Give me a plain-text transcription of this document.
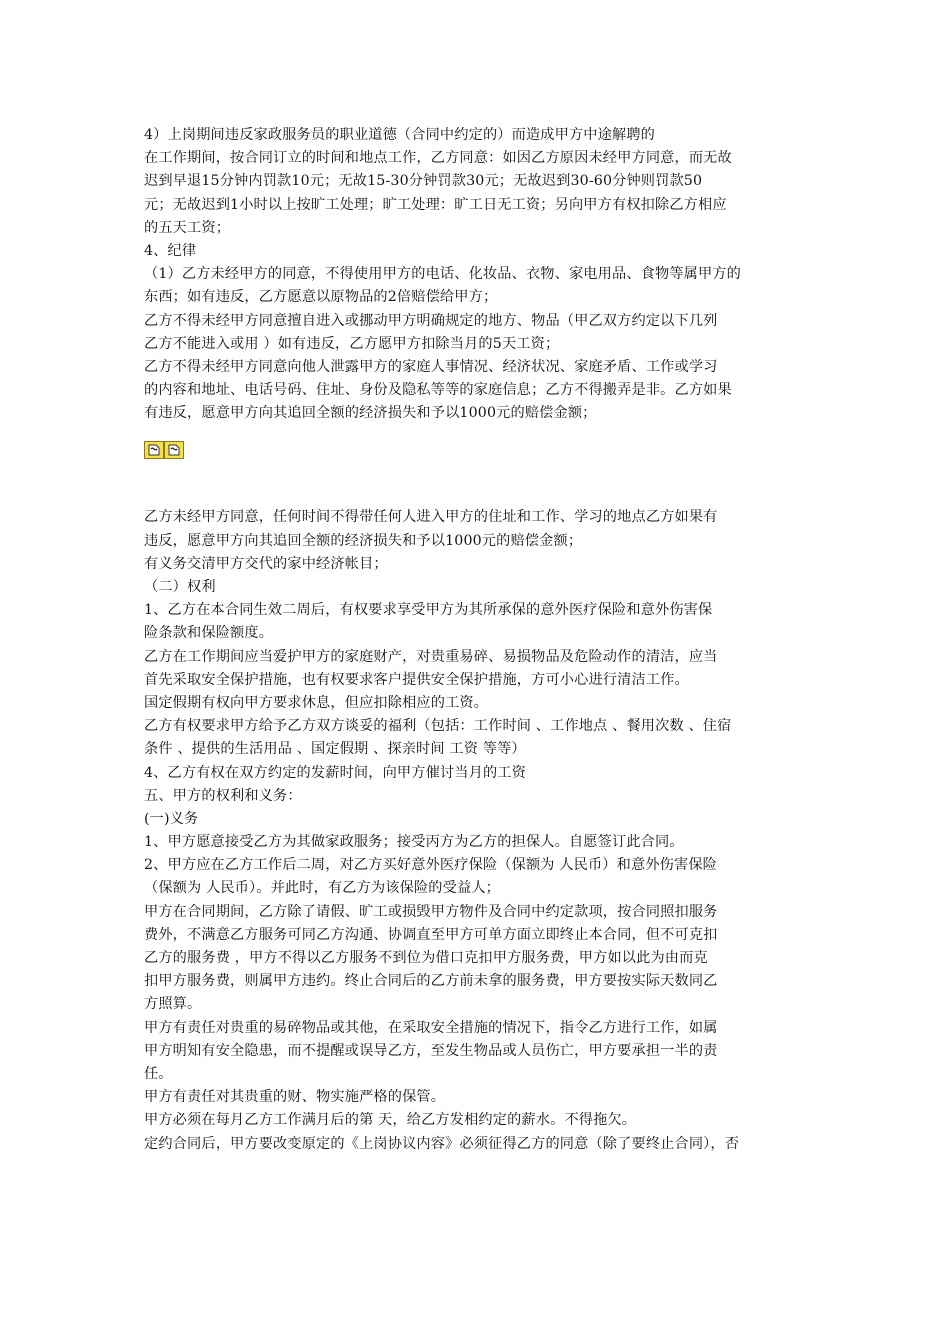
4）上岗期间违反家政服务员的职业道德（合同中约定的）而造成甲方中途解聘的

在工作期间，按合同订立的时间和地点工作，乙方同意：如因乙方原因未经甲方同意，而无故

迟到早退15分钟内罚款10元；无故15-30分钟罚款30元；无故迟到30-60分钟则罚款50

元；无故迟到1小时以上按旷工处理；旷工处理：旷工日无工资；另向甲方有权扣除乙方相应

的五天工资；

4、纪律

（1）乙方未经甲方的同意，不得使用甲方的电话、化妆品、衣物、家电用品、食物等属甲方的

东西；如有违反，乙方愿意以原物品的2倍赔偿给甲方；

乙方不得未经甲方同意擅自进入或挪动甲方明确规定的地方、物品（甲乙双方约定以下几列

乙方不能进入或用 ）如有违反，乙方愿甲方扣除当月的5天工资；

乙方不得未经甲方同意向他人泄露甲方的家庭人事情况、经济状况、家庭矛盾、工作或学习

的内容和地址、电话号码、住址、身份及隐私等等的家庭信息；乙方不得搬弄是非。乙方如果

有违反，愿意甲方向其追回全额的经济损失和予以1000元的赔偿金额；

乙方未经甲方同意，任何时间不得带任何人进入甲方的住址和工作、学习的地点乙方如果有

违反，愿意甲方向其追回全额的经济损失和予以1000元的赔偿金额；

有义务交清甲方交代的家中经济帐目；

（二）权利

1、乙方在本合同生效二周后，有权要求享受甲方为其所承保的意外医疗保险和意外伤害保

险条款和保险额度。

乙方在工作期间应当爱护甲方的家庭财产，对贵重易碎、易损物品及危险动作的清洁，应当

首先采取安全保护措施，也有权要求客户提供安全保护措施，方可小心进行清洁工作。

国定假期有权向甲方要求休息，但应扣除相应的工资。

乙方有权要求甲方给予乙方双方谈妥的福利（包括：工作时间 、工作地点 、餐用次数 、住宿

条件 、提供的生活用品 、国定假期 、探亲时间 工资 等等）

4、乙方有权在双方约定的发薪时间，向甲方催讨当月的工资

五、甲方的权利和义务：

(一)义务

1、甲方愿意接受乙方为其做家政服务；接受丙方为乙方的担保人。自愿签订此合同。

2、甲方应在乙方工作后二周，对乙方买好意外医疗保险（保额为 人民币）和意外伤害保险

（保额为 人民币）。并此时，有乙方为该保险的受益人；

甲方在合同期间，乙方除了请假、旷工或损毁甲方物件及合同中约定款项，按合同照扣服务

费外，不满意乙方服务可同乙方沟通、协调直至甲方可单方面立即终止本合同，但不可克扣

乙方的服务费 ，甲方不得以乙方服务不到位为借口克扣甲方服务费，甲方如以此为由而克

扣甲方服务费，则属甲方违约。终止合同后的乙方前未拿的服务费，甲方要按实际天数同乙

方照算。

甲方有责任对贵重的易碎物品或其他，在采取安全措施的情况下，指令乙方进行工作，如属

甲方明知有安全隐患，而不提醒或误导乙方，至发生物品或人员伤亡，甲方要承担一半的责

任。

甲方有责任对其贵重的财、物实施严格的保管。

甲方必须在每月乙方工作满月后的第 天，给乙方发相约定的薪水。不得拖欠。

定约合同后，甲方要改变原定的《上岗协议内容》必须征得乙方的同意（除了要终止合同），否
